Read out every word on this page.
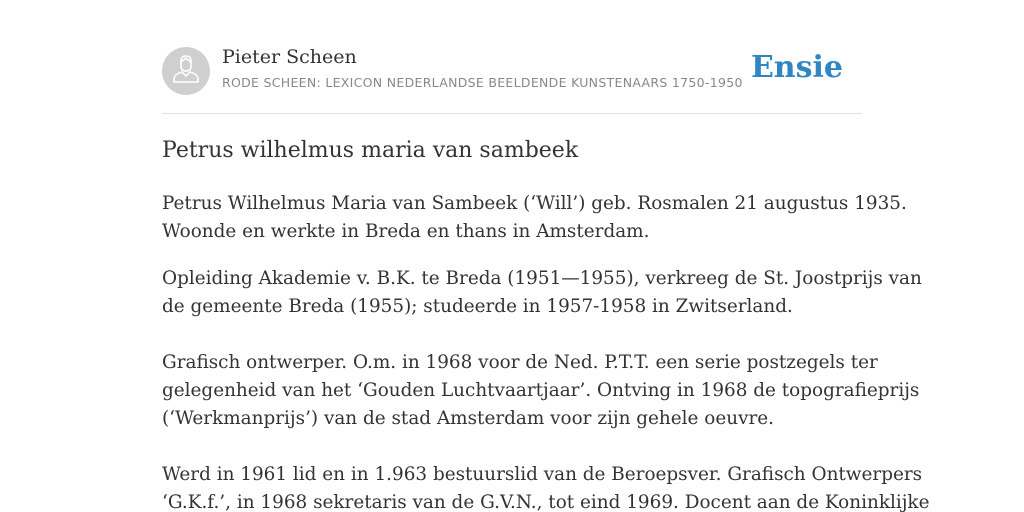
Pieter Scheen
RODE SCHEEN: LEXICON NEDERLANDSE BEELDENDE KUNSTENAARS 1750-1950 Ensie
Petrus wilhelmus maria van sambeek

Petrus Wilhelmus Maria van Sambeek (‘Will’) geb. Rosmalen 21 augustus 1935.

Woonde en werkte in Breda en thans in Amsterdam.

Opleiding Akademie v. B.K. te Breda (1951—1955), verkreeg de St. Joostprijs van

de gemeente Breda (1955); studeerde in 1957-1958 in Zwitserland.

Grafisch ontwerper. O.m. in 1968 voor de Ned. P.T.T. een serie postzegels ter

gelegenheid van het ‘Gouden Luchtvaartjaar’. Ontving in 1968 de topografieprijs

(‘Werkmanprijs’) van de stad Amsterdam voor zijn gehele oeuvre.

Werd in 1961 lid en in 1.963 bestuurslid van de Beroepsver. Grafisch Ontwerpers

‘G.K.f.’, in 1968 sekretaris van de G.V.N., tot eind 1969. Docent aan de Koninklijke
